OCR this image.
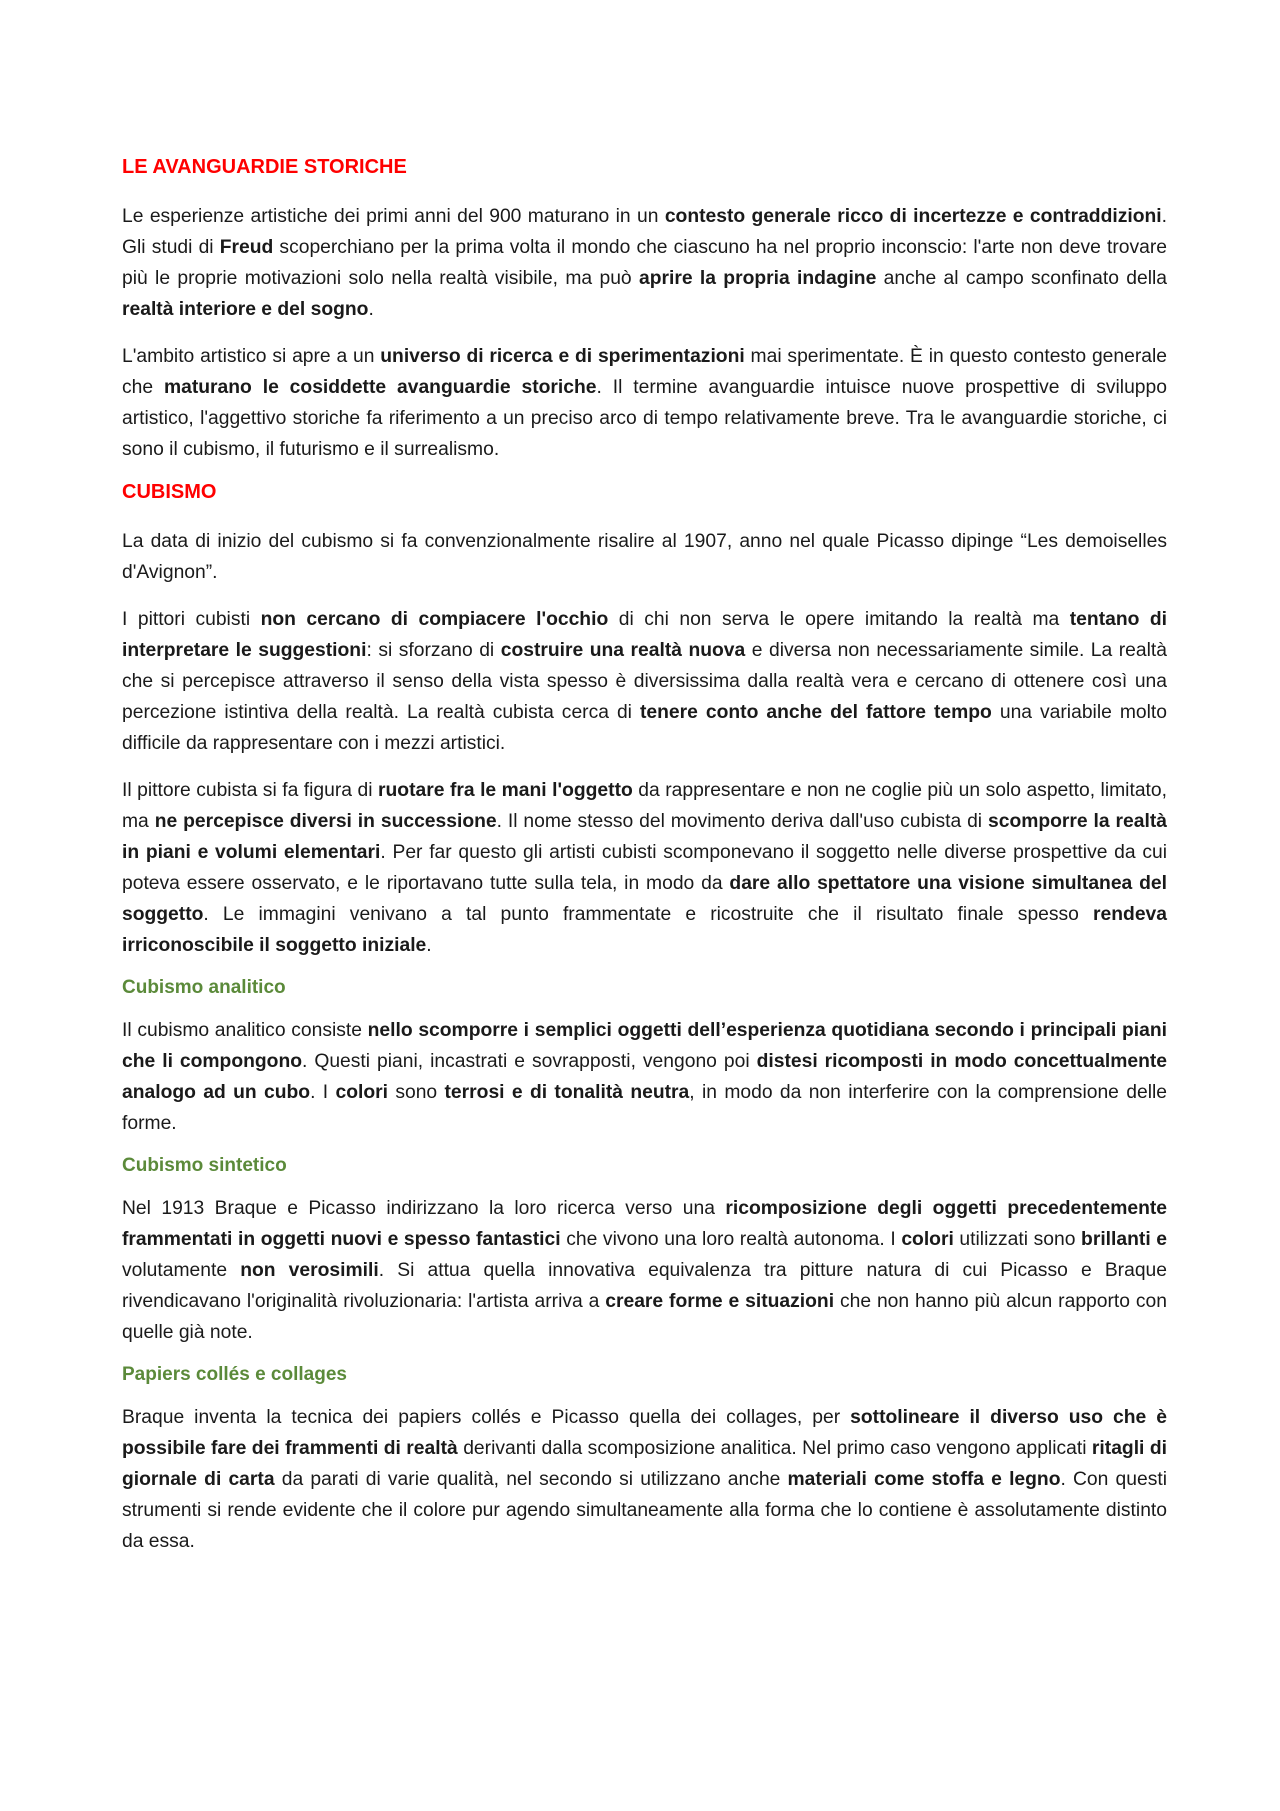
LE AVANGUARDIE STORICHE

Le esperienze artistiche dei primi anni del 900 maturano in un contesto generale ricco di incertezze e contraddizioni. Gli studi di Freud scoperchiano per la prima volta il mondo che ciascuno ha nel proprio inconscio: l'arte non deve trovare più le proprie motivazioni solo nella realtà visibile, ma può aprire la propria indagine anche al campo sconfinato della realtà interiore e del sogno.

L'ambito artistico si apre a un universo di ricerca e di sperimentazioni mai sperimentate. È in questo contesto generale che maturano le cosiddette avanguardie storiche. Il termine avanguardie intuisce nuove prospettive di sviluppo artistico, l'aggettivo storiche fa riferimento a un preciso arco di tempo relativamente breve. Tra le avanguardie storiche, ci sono il cubismo, il futurismo e il surrealismo.

CUBISMO

La data di inizio del cubismo si fa convenzionalmente risalire al 1907, anno nel quale Picasso dipinge “Les demoiselles d'Avignon”.

I pittori cubisti non cercano di compiacere l'occhio di chi non serva le opere imitando la realtà ma tentano di interpretare le suggestioni: si sforzano di costruire una realtà nuova e diversa non necessariamente simile. La realtà che si percepisce attraverso il senso della vista spesso è diversissima dalla realtà vera e cercano di ottenere così una percezione istintiva della realtà. La realtà cubista cerca di tenere conto anche del fattore tempo una variabile molto difficile da rappresentare con i mezzi artistici.

Il pittore cubista si fa figura di ruotare fra le mani l'oggetto da rappresentare e non ne coglie più un solo aspetto, limitato, ma ne percepisce diversi in successione. Il nome stesso del movimento deriva dall'uso cubista di scomporre la realtà in piani e volumi elementari. Per far questo gli artisti cubisti scomponevano il soggetto nelle diverse prospettive da cui poteva essere osservato, e le riportavano tutte sulla tela, in modo da dare allo spettatore una visione simultanea del soggetto. Le immagini venivano a tal punto frammentate e ricostruite che il risultato finale spesso rendeva irriconoscibile il soggetto iniziale.

Cubismo analitico

Il cubismo analitico consiste nello scomporre i semplici oggetti dell’esperienza quotidiana secondo i principali piani che li compongono. Questi piani, incastrati e sovrapposti, vengono poi distesi ricomposti in modo concettualmente analogo ad un cubo. I colori sono terrosi e di tonalità neutra, in modo da non interferire con la comprensione delle forme.

Cubismo sintetico

Nel 1913 Braque e Picasso indirizzano la loro ricerca verso una ricomposizione degli oggetti precedentemente frammentati in oggetti nuovi e spesso fantastici che vivono una loro realtà autonoma. I colori utilizzati sono brillanti e volutamente non verosimili. Si attua quella innovativa equivalenza tra pitture natura di cui Picasso e Braque rivendicavano l'originalità rivoluzionaria: l'artista arriva a creare forme e situazioni che non hanno più alcun rapporto con quelle già note.

Papiers collés e collages

Braque inventa la tecnica dei papiers collés e Picasso quella dei collages, per sottolineare il diverso uso che è possibile fare dei frammenti di realtà derivanti dalla scomposizione analitica. Nel primo caso vengono applicati ritagli di giornale di carta da parati di varie qualità, nel secondo si utilizzano anche materiali come stoffa e legno. Con questi strumenti si rende evidente che il colore pur agendo simultaneamente alla forma che lo contiene è assolutamente distinto da essa.
